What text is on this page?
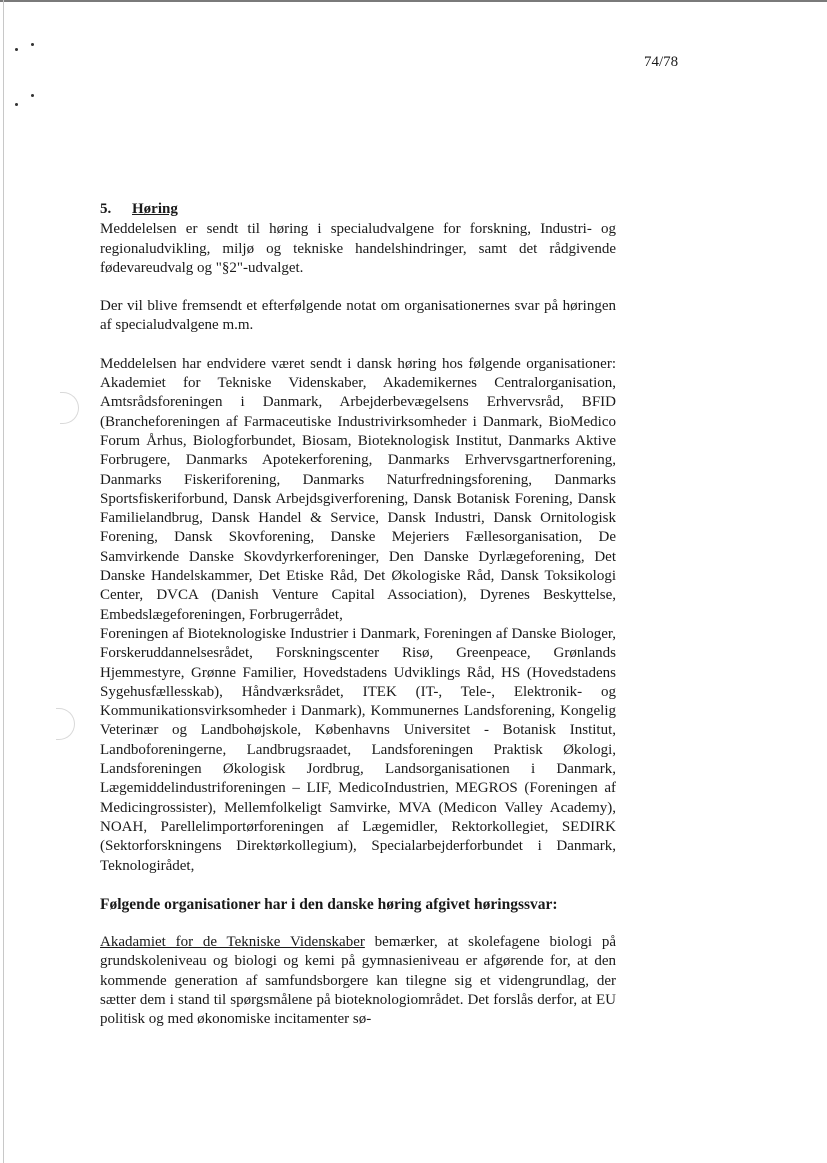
74/78
5. Høring

Meddelelsen er sendt til høring i specialudvalgene for forskning, Industri- og regionaludvikling, miljø og tekniske handelshindringer, samt det rådgivende fødevareudvalg og "§2"-udvalget.

Der vil blive fremsendt et efterfølgende notat om organisationernes svar på høringen af specialudvalgene m.m.

Meddelelsen har endvidere været sendt i dansk høring hos følgende organisationer: Akademiet for Tekniske Videnskaber, Akademikernes Centralorganisation, Amtsrådsforeningen i Danmark, Arbejderbevægelsens Erhvervsråd, BFID (Brancheforeningen af Farmaceutiske Industrivirksomheder i Danmark, BioMedico Forum Århus, Biologforbundet, Biosam, Bioteknologisk Institut, Danmarks Aktive Forbrugere, Danmarks Apotekerforening, Danmarks Erhvervsgartnerforening, Danmarks Fiskeriforening, Danmarks Naturfredningsforening, Danmarks Sportsfiskeriforbund, Dansk Arbejdsgiverforening, Dansk Botanisk Forening, Dansk Familielandbrug, Dansk Handel & Service, Dansk Industri, Dansk Ornitologisk Forening, Dansk Skovforening, Danske Mejeriers Fællesorganisation, De Samvirkende Danske Skovdyrkerforeninger, Den Danske Dyrlægeforening, Det Danske Handelskammer, Det Etiske Råd, Det Økologiske Råd, Dansk Toksikologi Center, DVCA (Danish Venture Capital Association), Dyrenes Beskyttelse, Embedslægeforeningen, Forbrugerrådet,

Foreningen af Bioteknologiske Industrier i Danmark, Foreningen af Danske Biologer, Forskeruddannelsesrådet, Forskningscenter Risø, Greenpeace, Grønlands Hjemmestyre, Grønne Familier, Hovedstadens Udviklings Råd, HS (Hovedstadens Sygehusfællesskab), Håndværksrådet, ITEK (IT-, Tele-, Elektronik- og Kommunikationsvirksomheder i Danmark), Kommunernes Landsforening, Kongelig Veterinær og Landbohøjskole, Københavns Universitet - Botanisk Institut, Landboforeningerne, Landbrugsraadet, Landsforeningen Praktisk Økologi, Landsforeningen Økologisk Jordbrug, Landsorganisationen i Danmark, Lægemiddelindustriforeningen – LIF, MedicoIndustrien, MEGROS (Foreningen af Medicingrossister), Mellemfolkeligt Samvirke, MVA (Medicon Valley Academy), NOAH, Parellelimportørforeningen af Lægemidler, Rektorkollegiet, SEDIRK (Sektorforskningens Direktørkollegium), Specialarbejderforbundet i Danmark, Teknologirådet,

Følgende organisationer har i den danske høring afgivet høringssvar:

Akadamiet for de Tekniske Videnskaber bemærker, at skolefagene biologi på grundskoleniveau og biologi og kemi på gymnasieniveau er afgørende for, at den kommende generation af samfundsborgere kan tilegne sig et videngrundlag, der sætter dem i stand til spørgsmålene på bioteknologiområdet. Det forslås derfor, at EU politisk og med økonomiske incitamenter sø-
